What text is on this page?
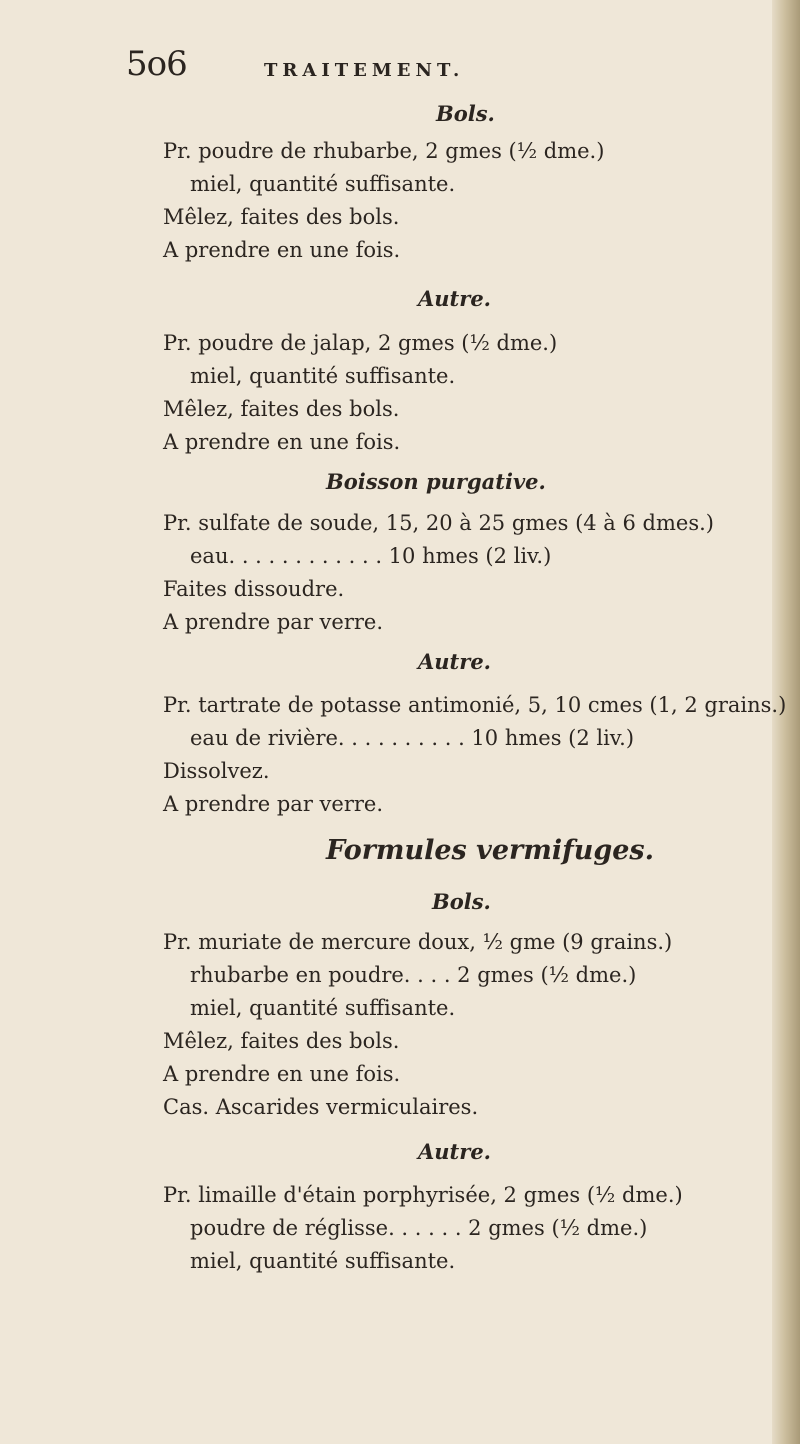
5o6	TRAITEMENT.
Bols.
Pr. poudre de rhubarbe, 2 gmes (½ dme.)
miel, quantité suffisante.
Mêlez, faites des bols.
A prendre en une fois.
Autre.
Pr. poudre de jalap, 2 gmes (½ dme.)
miel, quantité suffisante.
Mêlez, faites des bols.
A prendre en une fois.
Boisson purgative.
Pr. sulfate de soude, 15, 20 à 25 gmes (4 à 6 dmes.)
eau. . . . . . . . . . . . 10 hmes (2 liv.)
Faites dissoudre.
A prendre par verre.
Autre.
Pr. tartrate de potasse antimonié, 5, 10 cmes (1, 2 grains.)
eau de rivière. . . . . . . . . . 10 hmes (2 liv.)
Dissolvez.
A prendre par verre.
Formules vermifuges.
Bols.
Pr. muriate de mercure doux, ½ gme (9 grains.)
rhubarbe en poudre. . . . 2 gmes (½ dme.)
miel, quantité suffisante.
Mêlez, faites des bols.
A prendre en une fois.
Cas. Ascarides vermiculaires.
Autre.
Pr. limaille d'étain porphyrisée, 2 gmes (½ dme.)
poudre de réglisse. . . . . . 2 gmes (½ dme.)
miel, quantité suffisante.
